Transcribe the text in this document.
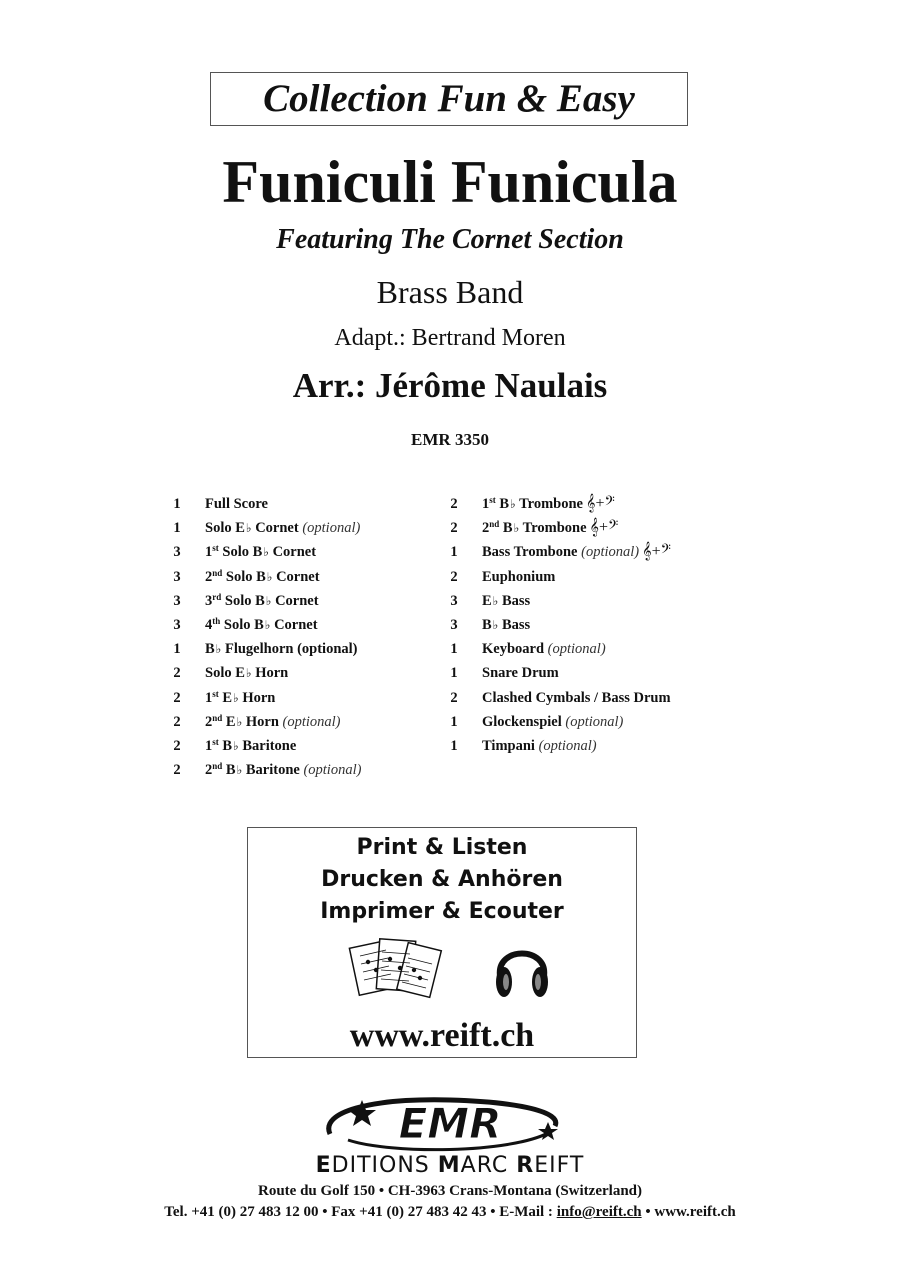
Collection Fun & Easy
Funiculi Funicula
Featuring The Cornet Section
Brass Band
Adapt.: Bertrand Moren
Arr.: Jérôme Naulais
EMR 3350
1 Full Score
1 Solo E♭ Cornet (optional)
3 1st Solo B♭ Cornet
3 2nd Solo B♭ Cornet
3 3rd Solo B♭ Cornet
3 4th Solo B♭ Cornet
1 B♭ Flugelhorn (optional)
2 Solo E♭ Horn
2 1st E♭ Horn
2 2nd E♭ Horn (optional)
2 1st B♭ Baritone
2 2nd B♭ Baritone (optional)
2 1st B♭ Trombone 𝄞+𝄢
2 2nd B♭ Trombone 𝄞+𝄢
1 Bass Trombone (optional) 𝄞+𝄢
2 Euphonium
3 E♭ Bass
3 B♭ Bass
1 Keyboard (optional)
1 Snare Drum
2 Clashed Cymbals / Bass Drum
1 Glockenspiel (optional)
1 Timpani (optional)
Print & Listen
Drucken & Anhören
Imprimer & Ecouter
www.reift.ch
EMR
EDITIONS MARC REIFT
Route du Golf 150 • CH-3963 Crans-Montana (Switzerland)
Tel. +41 (0) 27 483 12 00 • Fax +41 (0) 27 483 42 43 • E-Mail : info@reift.ch • www.reift.ch
